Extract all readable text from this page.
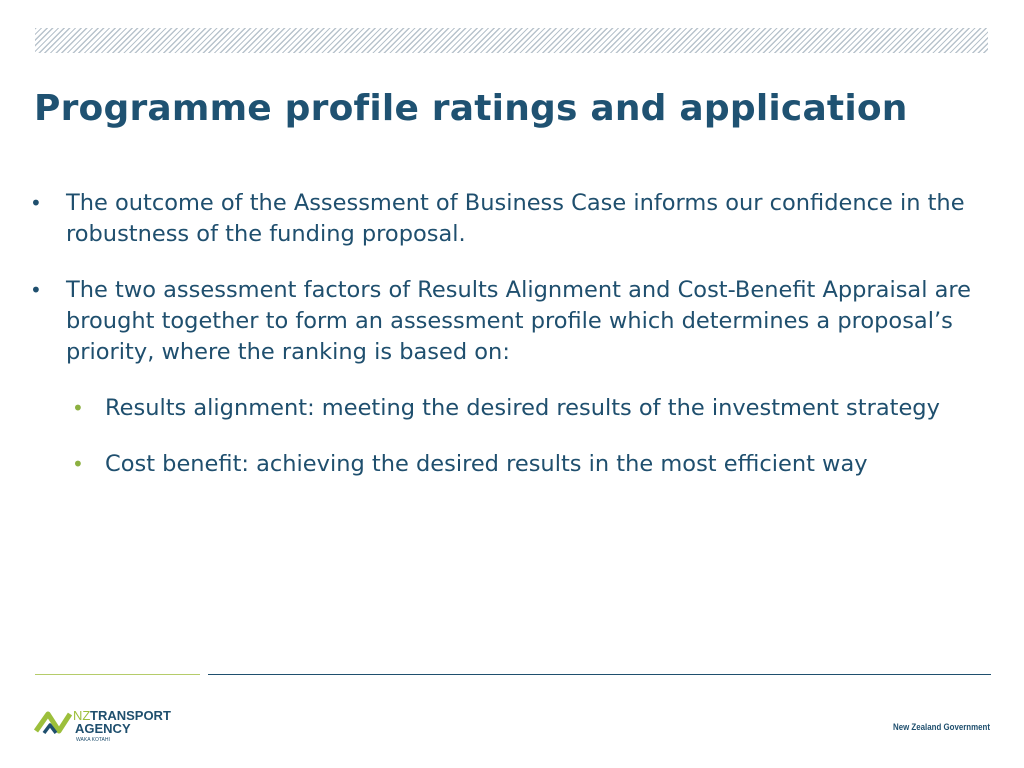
Programme profile ratings and application

• The outcome of the Assessment of Business Case informs our confidence in the robustness of the funding proposal.

• The two assessment factors of Results Alignment and Cost-Benefit Appraisal are brought together to form an assessment profile which determines a proposal’s priority, where the ranking is based on:

• Results alignment: meeting the desired results of the investment strategy

• Cost benefit: achieving the desired results in the most efficient way

NZ TRANSPORT
AGENCY
WAKA KOTAHI
New Zealand Government
